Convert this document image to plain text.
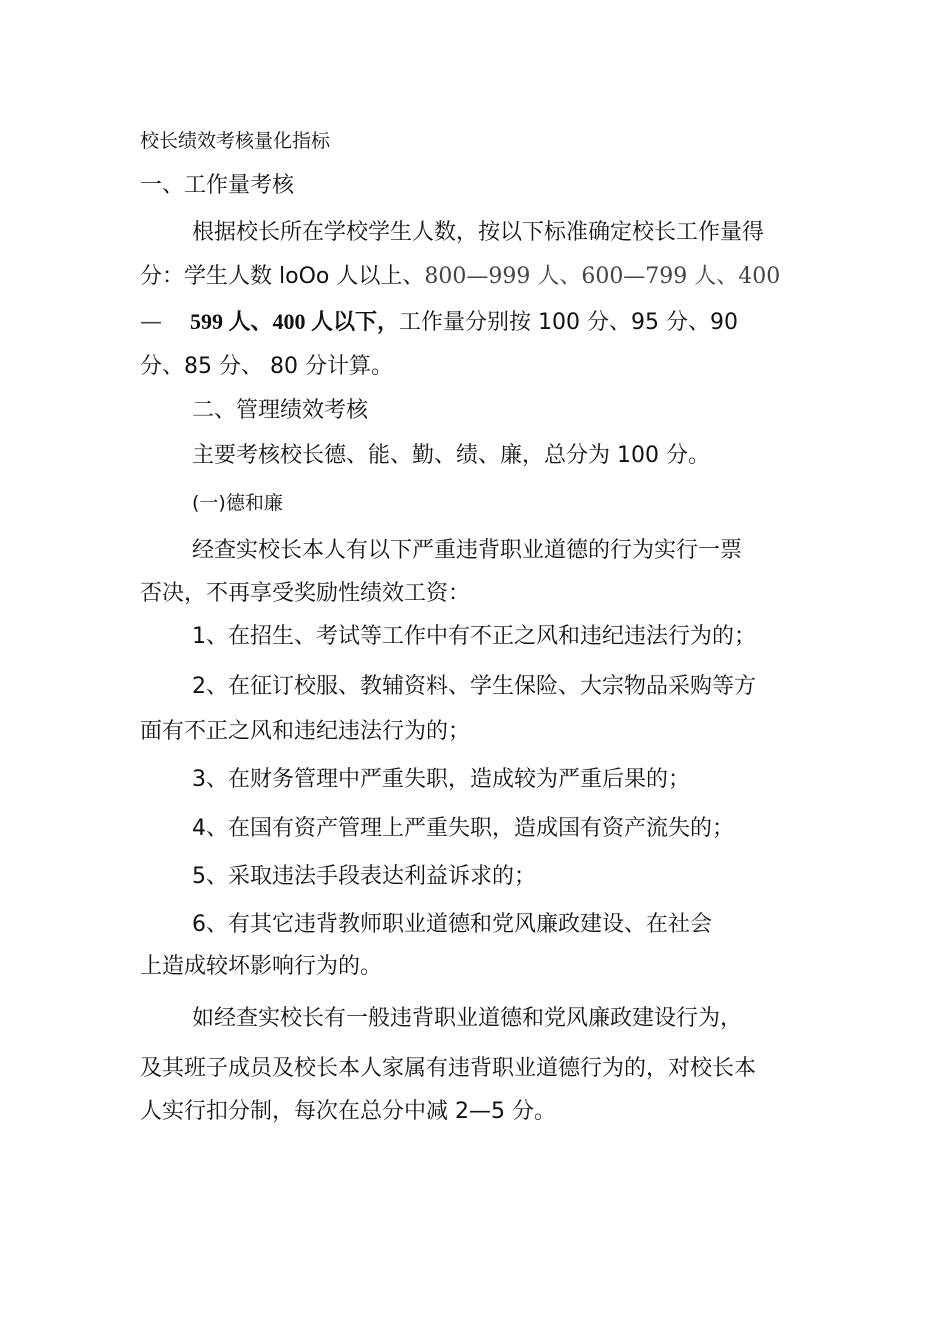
校长绩效考核量化指标
一、工作量考核
根据校长所在学校学生人数，按以下标准确定校长工作量得
分：学生人数 loOo 人以上、800—999 人、600—799 人、400
— 599 人、400 人以下，工作量分别按 100 分、95 分、90
分、85 分、 80 分计算。
二、管理绩效考核
主要考核校长德、能、勤、绩、廉，总分为 100 分。
(一)德和廉
经查实校长本人有以下严重违背职业道德的行为实行一票
否决，不再享受奖励性绩效工资：
1、在招生、考试等工作中有不正之风和违纪违法行为的；
2、在征订校服、教辅资料、学生保险、大宗物品采购等方
面有不正之风和违纪违法行为的；
3、在财务管理中严重失职，造成较为严重后果的；
4、在国有资产管理上严重失职，造成国有资产流失的；
5、采取违法手段表达利益诉求的；
6、有其它违背教师职业道德和党风廉政建设、在社会
上造成较坏影响行为的。
如经查实校长有一般违背职业道德和党风廉政建设行为，
及其班子成员及校长本人家属有违背职业道德行为的，对校长本
人实行扣分制，每次在总分中减 2—5 分。
